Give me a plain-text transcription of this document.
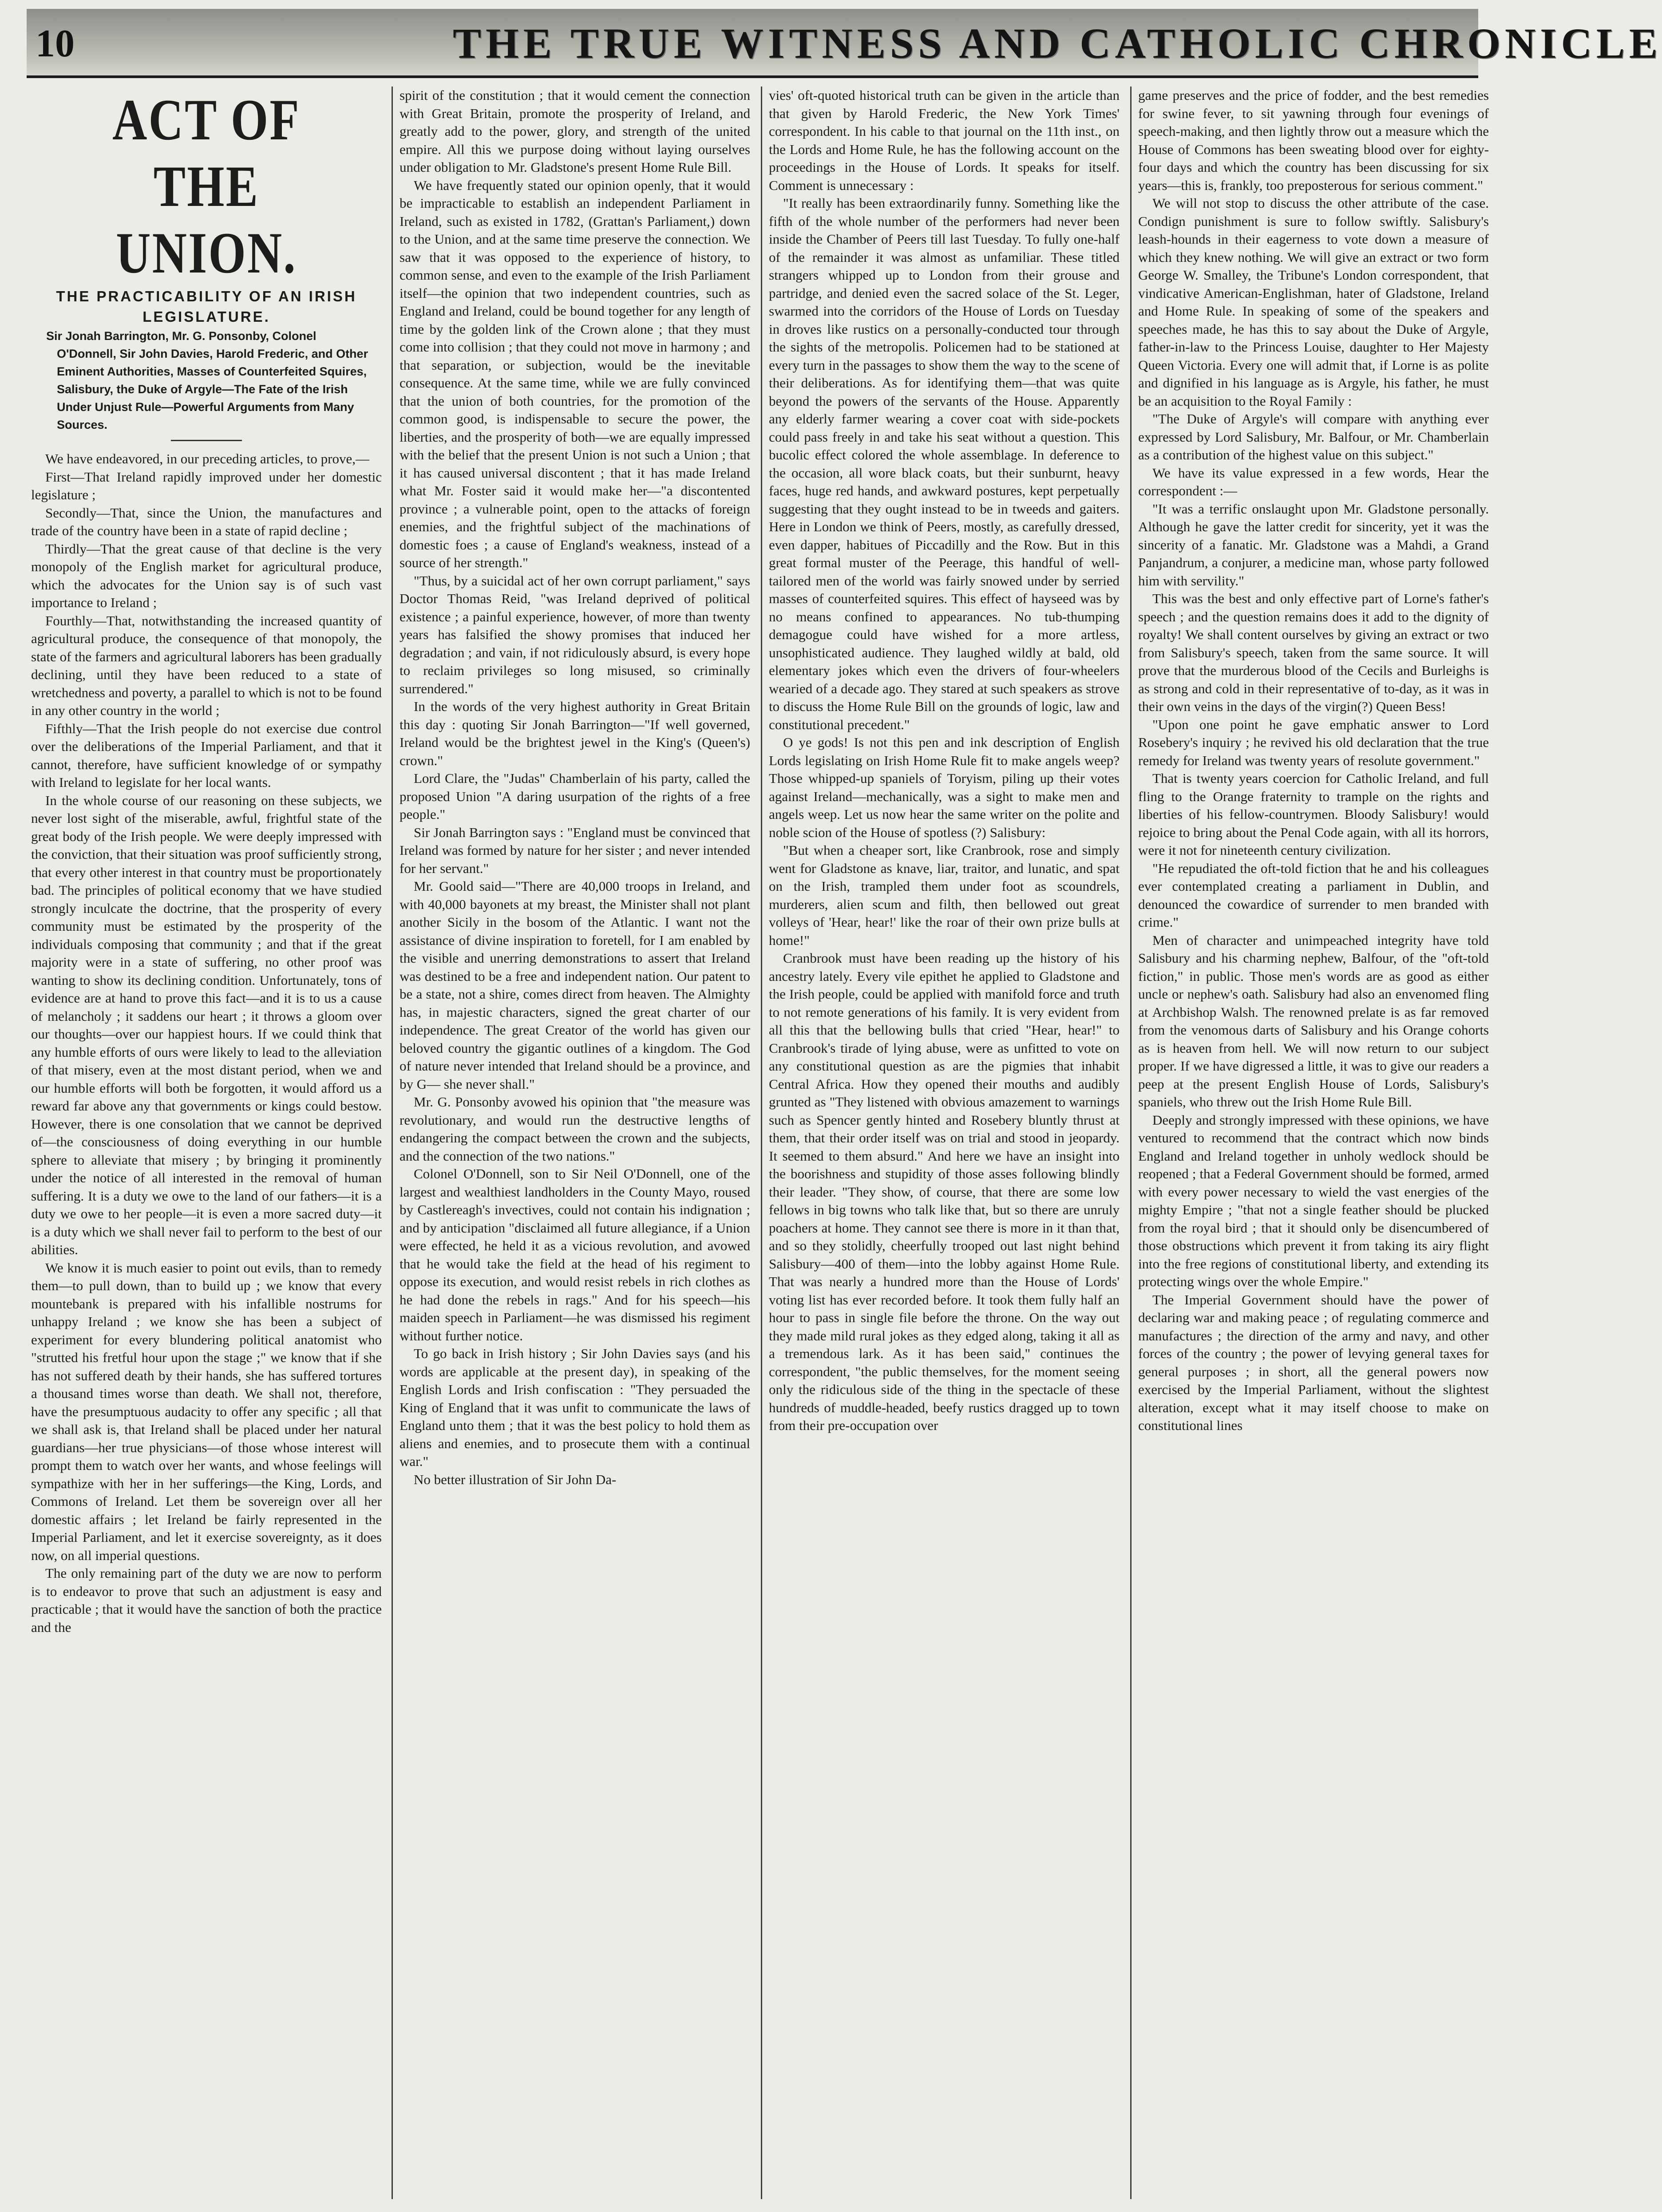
10	THE TRUE WITNESS AND CATHOLIC CHRONICLE

ACT OF THE UNION.

THE PRACTICABILITY OF AN IRISH LEGISLATURE.

Sir Jonah Barrington, Mr. G. Ponsonby, Colonel O'Donnell, Sir John Davies, Harold Frederic, and Other Eminent Authorities, Masses of Counterfeited Squires, Salisbury, the Duke of Argyle—The Fate of the Irish Under Unjust Rule—Powerful Arguments from Many Sources.

We have endeavored, in our preceding articles, to prove,—

First—That Ireland rapidly improved under her domestic legislature ;

Secondly—That, since the Union, the manufactures and trade of the country have been in a state of rapid decline ;

Thirdly—That the great cause of that decline is the very monopoly of the English market for agricultural produce, which the advocates for the Union say is of such vast importance to Ireland ;

Fourthly—That, notwithstanding the increased quantity of agricultural produce, the consequence of that monopoly, the state of the farmers and agricultural laborers has been gradually declining, until they have been reduced to a state of wretchedness and poverty, a parallel to which is not to be found in any other country in the world ;

Fifthly—That the Irish people do not exercise due control over the deliberations of the Imperial Parliament, and that it cannot, therefore, have sufficient knowledge of or sympathy with Ireland to legislate for her local wants.

In the whole course of our reasoning on these subjects, we never lost sight of the miserable, awful, frightful state of the great body of the Irish people. We were deeply impressed with the conviction, that their situation was proof sufficiently strong, that every other interest in that country must be proportionately bad. The principles of political economy that we have studied strongly inculcate the doctrine, that the prosperity of every community must be estimated by the prosperity of the individuals composing that community ; and that if the great majority were in a state of suffering, no other proof was wanting to show its declining condition. Unfortunately, tons of evidence are at hand to prove this fact—and it is to us a cause of melancholy ; it saddens our heart ; it throws a gloom over our thoughts—over our happiest hours. If we could think that any humble efforts of ours were likely to lead to the alleviation of that misery, even at the most distant period, when we and our humble efforts will both be forgotten, it would afford us a reward far above any that governments or kings could bestow. However, there is one consolation that we cannot be deprived of—the consciousness of doing everything in our humble sphere to alleviate that misery ; by bringing it prominently under the notice of all interested in the removal of human suffering. It is a duty we owe to the land of our fathers—it is a duty we owe to her people—it is even a more sacred duty—it is a duty which we shall never fail to perform to the best of our abilities.

We know it is much easier to point out evils, than to remedy them—to pull down, than to build up ; we know that every mountebank is prepared with his infallible nostrums for unhappy Ireland ; we know she has been a subject of experiment for every blundering political anatomist who "strutted his fretful hour upon the stage ;" we know that if she has not suffered death by their hands, she has suffered tortures a thousand times worse than death. We shall not, therefore, have the presumptuous audacity to offer any specific ; all that we shall ask is, that Ireland shall be placed under her natural guardians—her true physicians—of those whose interest will prompt them to watch over her wants, and whose feelings will sympathize with her in her sufferings—the King, Lords, and Commons of Ireland. Let them be sovereign over all her domestic affairs ; let Ireland be fairly represented in the Imperial Parliament, and let it exercise sovereignty, as it does now, on all imperial questions.

The only remaining part of the duty we are now to perform is to endeavor to prove that such an adjustment is easy and practicable ; that it would have the sanction of both the practice and the

spirit of the constitution ; that it would cement the connection with Great Britain, promote the prosperity of Ireland, and greatly add to the power, glory, and strength of the united empire. All this we purpose doing without laying ourselves under obligation to Mr. Gladstone's present Home Rule Bill.

We have frequently stated our opinion openly, that it would be impracticable to establish an independent Parliament in Ireland, such as existed in 1782, (Grattan's Parliament,) down to the Union, and at the same time preserve the connection. We saw that it was opposed to the experience of history, to common sense, and even to the example of the Irish Parliament itself—the opinion that two independent countries, such as England and Ireland, could be bound together for any length of time by the golden link of the Crown alone ; that they must come into collision ; that they could not move in harmony ; and that separation, or subjection, would be the inevitable consequence. At the same time, while we are fully convinced that the union of both countries, for the promotion of the common good, is indispensable to secure the power, the liberties, and the prosperity of both—we are equally impressed with the belief that the present Union is not such a Union ; that it has caused universal discontent ; that it has made Ireland what Mr. Foster said it would make her—"a discontented province ; a vulnerable point, open to the attacks of foreign enemies, and the frightful subject of the machinations of domestic foes ; a cause of England's weakness, instead of a source of her strength."

"Thus, by a suicidal act of her own corrupt parliament," says Doctor Thomas Reid, "was Ireland deprived of political existence ; a painful experience, however, of more than twenty years has falsified the showy promises that induced her degradation ; and vain, if not ridiculously absurd, is every hope to reclaim privileges so long misused, so criminally surrendered."

In the words of the very highest authority in Great Britain this day : quoting Sir Jonah Barrington—"If well governed, Ireland would be the brightest jewel in the King's (Queen's) crown."

Lord Clare, the "Judas" Chamberlain of his party, called the proposed Union "A daring usurpation of the rights of a free people."

Sir Jonah Barrington says : "England must be convinced that Ireland was formed by nature for her sister ; and never intended for her servant."

Mr. Goold said—"There are 40,000 troops in Ireland, and with 40,000 bayonets at my breast, the Minister shall not plant another Sicily in the bosom of the Atlantic. I want not the assistance of divine inspiration to foretell, for I am enabled by the visible and unerring demonstrations to assert that Ireland was destined to be a free and independent nation. Our patent to be a state, not a shire, comes direct from heaven. The Almighty has, in majestic characters, signed the great charter of our independence. The great Creator of the world has given our beloved country the gigantic outlines of a kingdom. The God of nature never intended that Ireland should be a province, and by G— she never shall."

Mr. G. Ponsonby avowed his opinion that "the measure was revolutionary, and would run the destructive lengths of endangering the compact between the crown and the subjects, and the connection of the two nations."

Colonel O'Donnell, son to Sir Neil O'Donnell, one of the largest and wealthiest landholders in the County Mayo, roused by Castlereagh's invectives, could not contain his indignation ; and by anticipation "disclaimed all future allegiance, if a Union were effected, he held it as a vicious revolution, and avowed that he would take the field at the head of his regiment to oppose its execution, and would resist rebels in rich clothes as he had done the rebels in rags." And for his speech—his maiden speech in Parliament—he was dismissed his regiment without further notice.

To go back in Irish history ; Sir John Davies says (and his words are applicable at the present day), in speaking of the English Lords and Irish confiscation : "They persuaded the King of England that it was unfit to communicate the laws of England unto them ; that it was the best policy to hold them as aliens and enemies, and to prosecute them with a continual war."

No better illustration of Sir John Da-

vies' oft-quoted historical truth can be given in the article than that given by Harold Frederic, the New York Times' correspondent. In his cable to that journal on the 11th inst., on the Lords and Home Rule, he has the following account on the proceedings in the House of Lords. It speaks for itself. Comment is unnecessary :

"It really has been extraordinarily funny. Something like the fifth of the whole number of the performers had never been inside the Chamber of Peers till last Tuesday. To fully one-half of the remainder it was almost as unfamiliar. These titled strangers whipped up to London from their grouse and partridge, and denied even the sacred solace of the St. Leger, swarmed into the corridors of the House of Lords on Tuesday in droves like rustics on a personally-conducted tour through the sights of the metropolis. Policemen had to be stationed at every turn in the passages to show them the way to the scene of their deliberations. As for identifying them—that was quite beyond the powers of the servants of the House. Apparently any elderly farmer wearing a cover coat with side-pockets could pass freely in and take his seat without a question. This bucolic effect colored the whole assemblage. In deference to the occasion, all wore black coats, but their sunburnt, heavy faces, huge red hands, and awkward postures, kept perpetually suggesting that they ought instead to be in tweeds and gaiters. Here in London we think of Peers, mostly, as carefully dressed, even dapper, habitues of Piccadilly and the Row. But in this great formal muster of the Peerage, this handful of well-tailored men of the world was fairly snowed under by serried masses of counterfeited squires. This effect of hayseed was by no means confined to appearances. No tub-thumping demagogue could have wished for a more artless, unsophisticated audience. They laughed wildly at bald, old elementary jokes which even the drivers of four-wheelers wearied of a decade ago. They stared at such speakers as strove to discuss the Home Rule Bill on the grounds of logic, law and constitutional precedent."

O ye gods! Is not this pen and ink description of English Lords legislating on Irish Home Rule fit to make angels weep? Those whipped-up spaniels of Toryism, piling up their votes against Ireland—mechanically, was a sight to make men and angels weep. Let us now hear the same writer on the polite and noble scion of the House of spotless (?) Salisbury:

"But when a cheaper sort, like Cranbrook, rose and simply went for Gladstone as knave, liar, traitor, and lunatic, and spat on the Irish, trampled them under foot as scoundrels, murderers, alien scum and filth, then bellowed out great volleys of 'Hear, hear!' like the roar of their own prize bulls at home!"

Cranbrook must have been reading up the history of his ancestry lately. Every vile epithet he applied to Gladstone and the Irish people, could be applied with manifold force and truth to not remote generations of his family. It is very evident from all this that the bellowing bulls that cried "Hear, hear!" to Cranbrook's tirade of lying abuse, were as unfitted to vote on any constitutional question as are the pigmies that inhabit Central Africa. How they opened their mouths and audibly grunted as "They listened with obvious amazement to warnings such as Spencer gently hinted and Rosebery bluntly thrust at them, that their order itself was on trial and stood in jeopardy. It seemed to them absurd." And here we have an insight into the boorishness and stupidity of those asses following blindly their leader. "They show, of course, that there are some low fellows in big towns who talk like that, but so there are unruly poachers at home. They cannot see there is more in it than that, and so they stolidly, cheerfully trooped out last night behind Salisbury—400 of them—into the lobby against Home Rule. That was nearly a hundred more than the House of Lords' voting list has ever recorded before. It took them fully half an hour to pass in single file before the throne. On the way out they made mild rural jokes as they edged along, taking it all as a tremendous lark. As it has been said," continues the correspondent, "the public themselves, for the moment seeing only the ridiculous side of the thing in the spectacle of these hundreds of muddle-headed, beefy rustics dragged up to town from their pre-occupation over

game preserves and the price of fodder, and the best remedies for swine fever, to sit yawning through four evenings of speech-making, and then lightly throw out a measure which the House of Commons has been sweating blood over for eighty-four days and which the country has been discussing for six years—this is, frankly, too preposterous for serious comment."

We will not stop to discuss the other attribute of the case. Condign punishment is sure to follow swiftly. Salisbury's leash-hounds in their eagerness to vote down a measure of which they knew nothing. We will give an extract or two form George W. Smalley, the Tribune's London correspondent, that vindicative American-Englishman, hater of Gladstone, Ireland and Home Rule. In speaking of some of the speakers and speeches made, he has this to say about the Duke of Argyle, father-in-law to the Princess Louise, daughter to Her Majesty Queen Victoria. Every one will admit that, if Lorne is as polite and dignified in his language as is Argyle, his father, he must be an acquisition to the Royal Family :

"The Duke of Argyle's will compare with anything ever expressed by Lord Salisbury, Mr. Balfour, or Mr. Chamberlain as a contribution of the highest value on this subject."

We have its value expressed in a few words, Hear the correspondent :—

"It was a terrific onslaught upon Mr. Gladstone personally. Although he gave the latter credit for sincerity, yet it was the sincerity of a fanatic. Mr. Gladstone was a Mahdi, a Grand Panjandrum, a conjurer, a medicine man, whose party followed him with servility."

This was the best and only effective part of Lorne's father's speech ; and the question remains does it add to the dignity of royalty! We shall content ourselves by giving an extract or two from Salisbury's speech, taken from the same source. It will prove that the murderous blood of the Cecils and Burleighs is as strong and cold in their representative of to-day, as it was in their own veins in the days of the virgin(?) Queen Bess!

"Upon one point he gave emphatic answer to Lord Rosebery's inquiry ; he revived his old declaration that the true remedy for Ireland was twenty years of resolute government."

That is twenty years coercion for Catholic Ireland, and full fling to the Orange fraternity to trample on the rights and liberties of his fellow-countrymen. Bloody Salisbury! would rejoice to bring about the Penal Code again, with all its horrors, were it not for nineteenth century civilization.

"He repudiated the oft-told fiction that he and his colleagues ever contemplated creating a parliament in Dublin, and denounced the cowardice of surrender to men branded with crime."

Men of character and unimpeached integrity have told Salisbury and his charming nephew, Balfour, of the "oft-told fiction," in public. Those men's words are as good as either uncle or nephew's oath. Salisbury had also an envenomed fling at Archbishop Walsh. The renowned prelate is as far removed from the venomous darts of Salisbury and his Orange cohorts as is heaven from hell. We will now return to our subject proper. If we have digressed a little, it was to give our readers a peep at the present English House of Lords, Salisbury's spaniels, who threw out the Irish Home Rule Bill.

Deeply and strongly impressed with these opinions, we have ventured to recommend that the contract which now binds England and Ireland together in unholy wedlock should be reopened ; that a Federal Government should be formed, armed with every power necessary to wield the vast energies of the mighty Empire ; "that not a single feather should be plucked from the royal bird ; that it should only be disencumbered of those obstructions which prevent it from taking its airy flight into the free regions of constitutional liberty, and extending its protecting wings over the whole Empire."

The Imperial Government should have the power of declaring war and making peace ; of regulating commerce and manufactures ; the direction of the army and navy, and other forces of the country ; the power of levying general taxes for general purposes ; in short, all the general powers now exercised by the Imperial Parliament, without the slightest alteration, except what it may itself choose to make on constitutional lines
